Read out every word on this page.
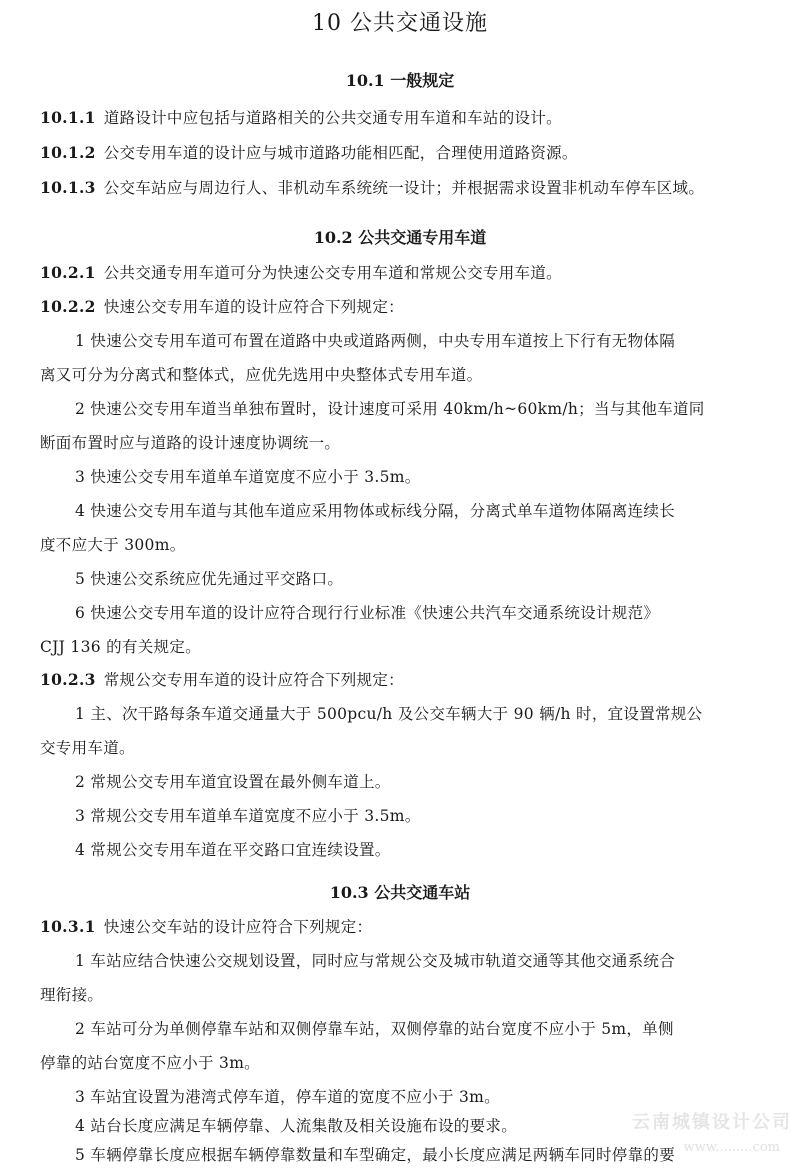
10 公共交通设施
10.1 一般规定
10.1.1 道路设计中应包括与道路相关的公共交通专用车道和车站的设计。
10.1.2 公交专用车道的设计应与城市道路功能相匹配，合理使用道路资源。
10.1.3 公交车站应与周边行人、非机动车系统统一设计；并根据需求设置非机动车停车区域。
10.2 公共交通专用车道
10.2.1 公共交通专用车道可分为快速公交专用车道和常规公交专用车道。
10.2.2 快速公交专用车道的设计应符合下列规定：
1 快速公交专用车道可布置在道路中央或道路两侧，中央专用车道按上下行有无物体隔
离又可分为分离式和整体式，应优先选用中央整体式专用车道。
2 快速公交专用车道当单独布置时，设计速度可采用 40km/h~60km/h；当与其他车道同
断面布置时应与道路的设计速度协调统一。
3 快速公交专用车道单车道宽度不应小于 3.5m。
4 快速公交专用车道与其他车道应采用物体或标线分隔，分离式单车道物体隔离连续长
度不应大于 300m。
5 快速公交系统应优先通过平交路口。
6 快速公交专用车道的设计应符合现行行业标准《快速公共汽车交通系统设计规范》
CJJ 136 的有关规定。
10.2.3 常规公交专用车道的设计应符合下列规定：
1 主、次干路每条车道交通量大于 500pcu/h 及公交车辆大于 90 辆/h 时，宜设置常规公
交专用车道。
2 常规公交专用车道宜设置在最外侧车道上。
3 常规公交专用车道单车道宽度不应小于 3.5m。
4 常规公交专用车道在平交路口宜连续设置。
10.3 公共交通车站
10.3.1 快速公交车站的设计应符合下列规定：
1 车站应结合快速公交规划设置，同时应与常规公交及城市轨道交通等其他交通系统合
理衔接。
2 车站可分为单侧停靠车站和双侧停靠车站，双侧停靠的站台宽度不应小于 5m，单侧
停靠的站台宽度不应小于 3m。
3 车站宜设置为港湾式停车道，停车道的宽度不应小于 3m。
4 站台长度应满足车辆停靠、人流集散及相关设施布设的要求。
5 车辆停靠长度应根据车辆停靠数量和车型确定，最小长度应满足两辆车同时停靠的要
云南城镇设计公司
www.........com
